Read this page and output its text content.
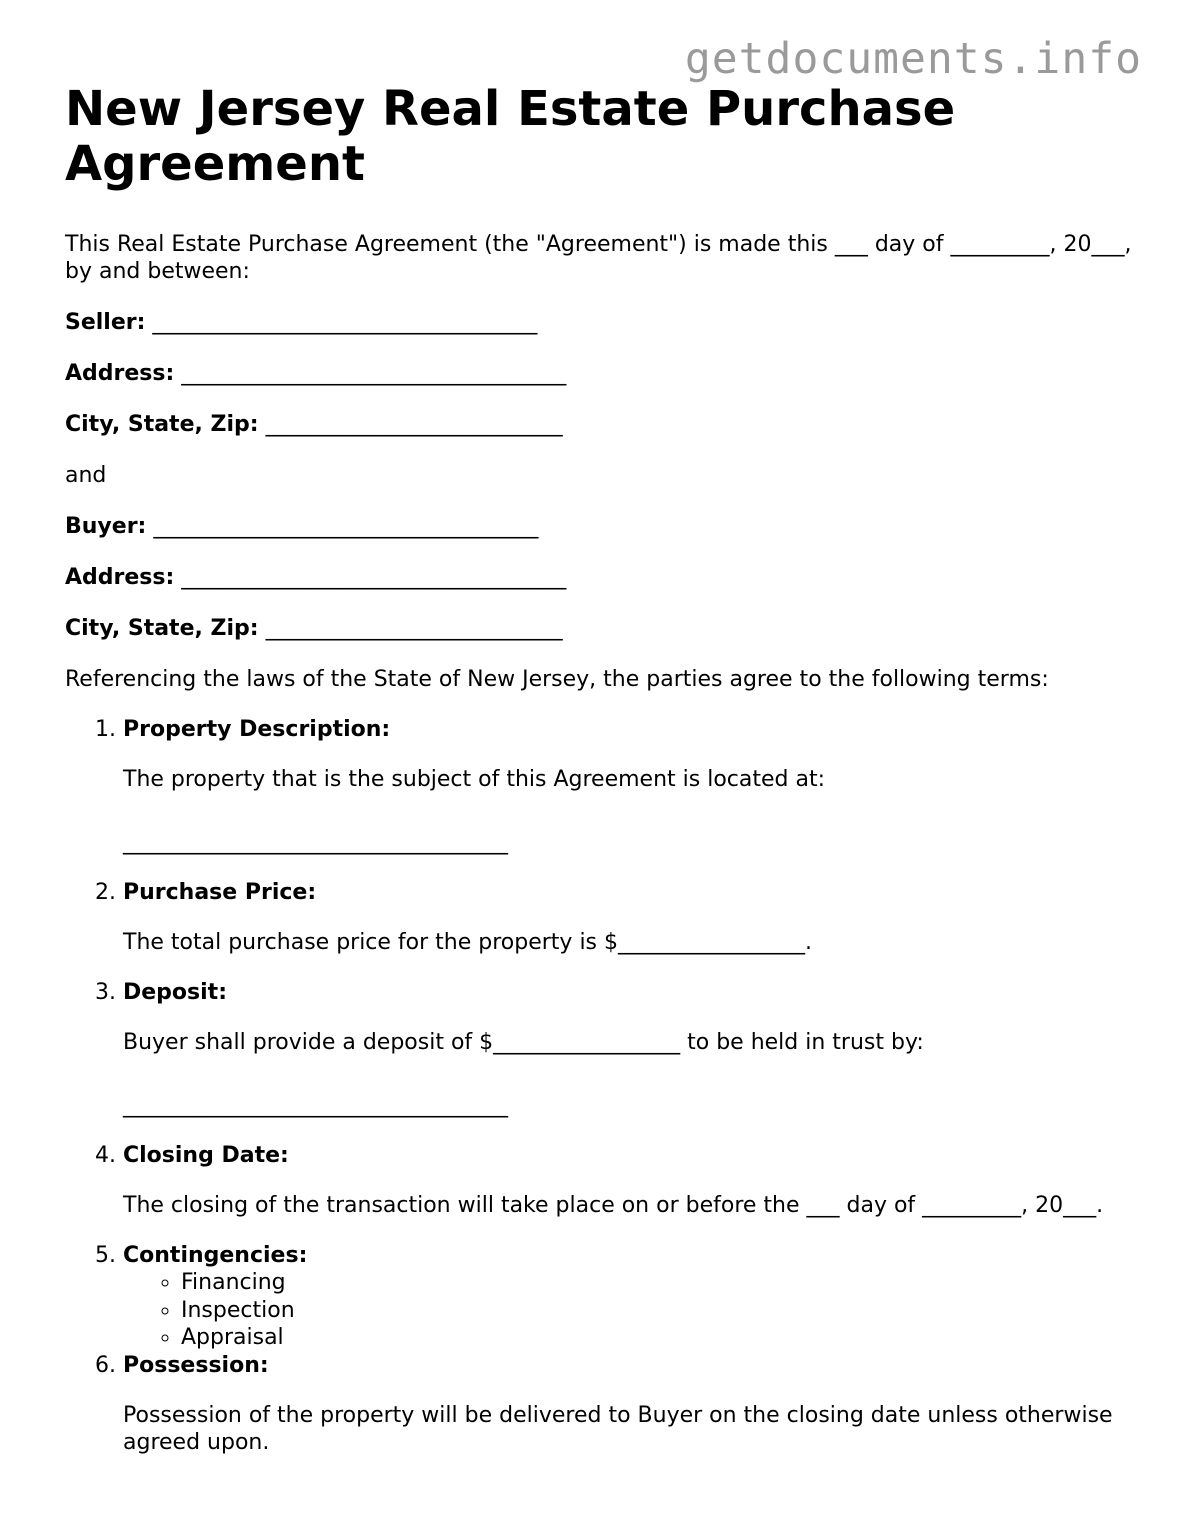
getdocuments.info
New Jersey Real Estate Purchase Agreement

This Real Estate Purchase Agreement (the "Agreement") is made this ___ day of _________, 20___, by and between:

Seller: ___________________________________

Address: ___________________________________

City, State, Zip: ___________________________

and

Buyer: ___________________________________

Address: ___________________________________

City, State, Zip: ___________________________

Referencing the laws of the State of New Jersey, the parties agree to the following terms:

1. Property Description:

The property that is the subject of this Agreement is located at:

___________________________________

2. Purchase Price:

The total purchase price for the property is $_________________.

3. Deposit:

Buyer shall provide a deposit of $_________________ to be held in trust by:

___________________________________

4. Closing Date:

The closing of the transaction will take place on or before the ___ day of _________, 20___.

5. Contingencies:
◦ Financing
◦ Inspection
◦ Appraisal
6. Possession:

Possession of the property will be delivered to Buyer on the closing date unless otherwise agreed upon.
